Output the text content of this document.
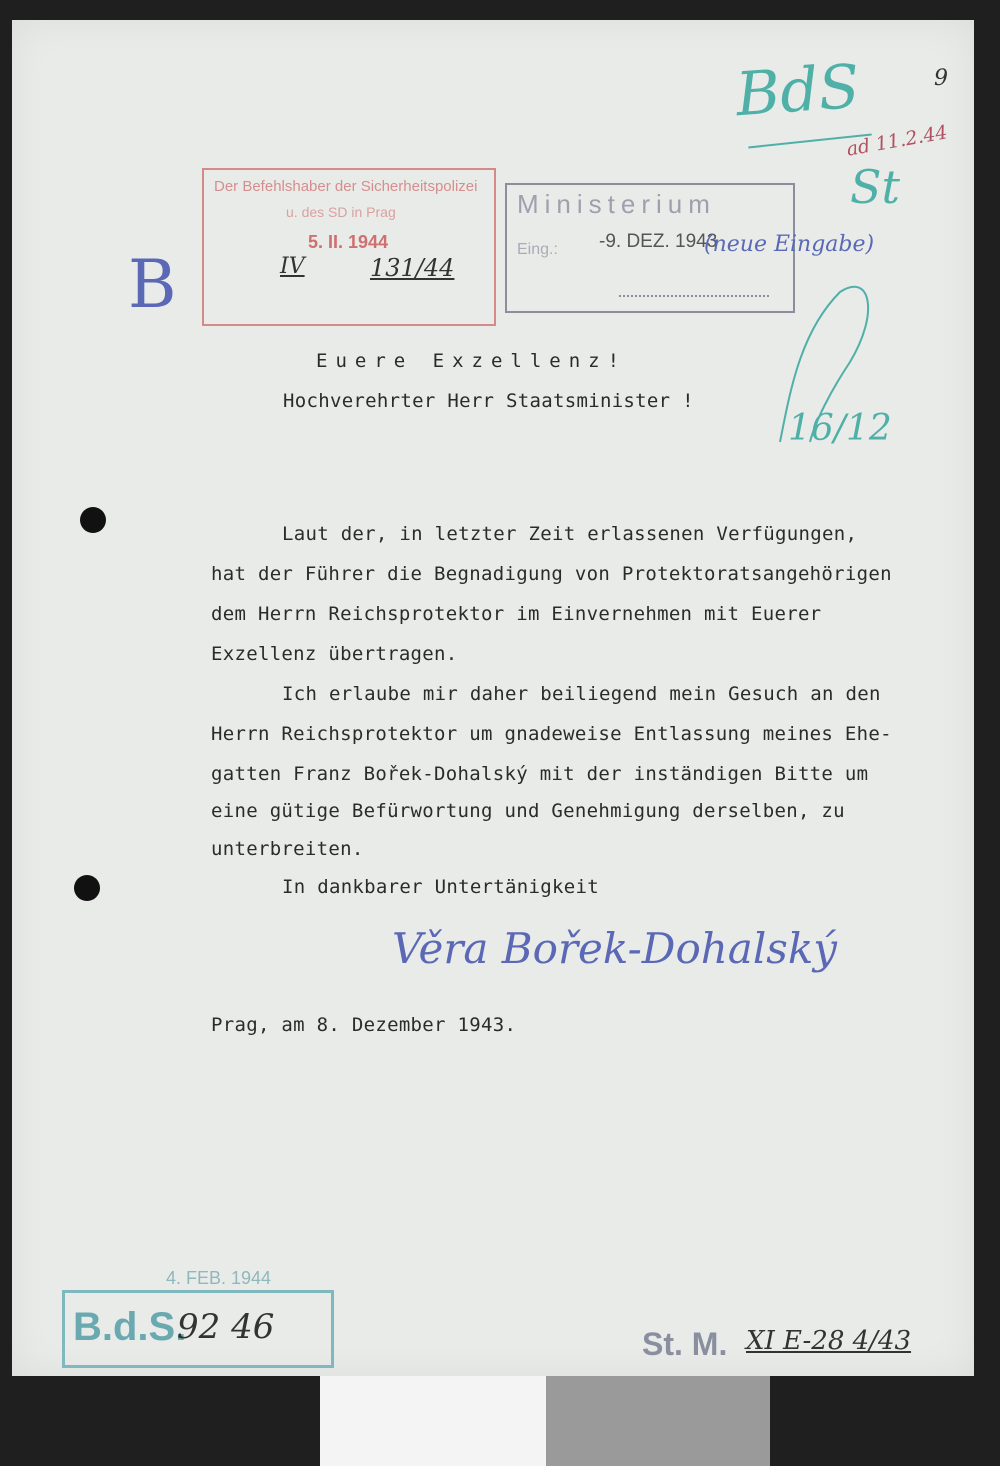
9
Der Befehlshaber der Sicherheitspolizei
u. des SD in Prag
5. II. 1944
IV	131/44
Ministerium
Eing.: -9. DEZ. 1943
BdS
ad 11.2.44
St
(neue Eingabe)
B
16/12
Euere Exzellenz!
Hochverehrter Herr Staatsminister !
Laut der, in letzter Zeit erlassenen Verfügungen,
hat der Führer die Begnadigung von Protektoratsangehörigen
dem Herrn Reichsprotektor im Einvernehmen mit Euerer
Exzellenz übertragen.
Ich erlaube mir daher beiliegend mein Gesuch an den
Herrn Reichsprotektor um gnadeweise Entlassung meines Ehe-
gatten Franz Bořek-Dohalský mit der inständigen Bitte um
eine gütige Befürwortung und Genehmigung derselben, zu
unterbreiten.
In dankbarer Untertänigkeit
Věra Bořek-Dohalský
Prag, am 8. Dezember 1943.
4. FEB. 1944
B.d.S.
92 46	St. M. XI E-28 4/43
